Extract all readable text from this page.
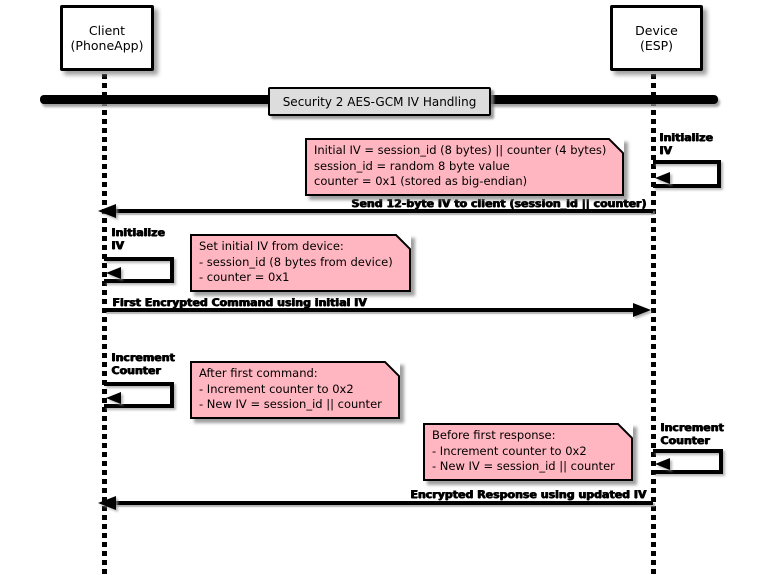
Client
(PhoneApp)
Device
(ESP)
Security 2 AES-GCM IV Handling
Initial IV = session_id (8 bytes) || counter (4 bytes)
session_id = random 8 byte value
counter = 0x1 (stored as big-endian)
Initialize
IV
Send 12-byte IV to client (session_id || counter)
Initialize
IV	Set initial IV from device:
- session_id (8 bytes from device)
- counter = 0x1
First Encrypted Command using initial IV
Increment
Counter	After first command:
- Increment counter to 0x2
- New IV = session_id || counter
Before first response:
- Increment counter to 0x2
- New IV = session_id || counter
Increment
Counter
Encrypted Response using updated IV
